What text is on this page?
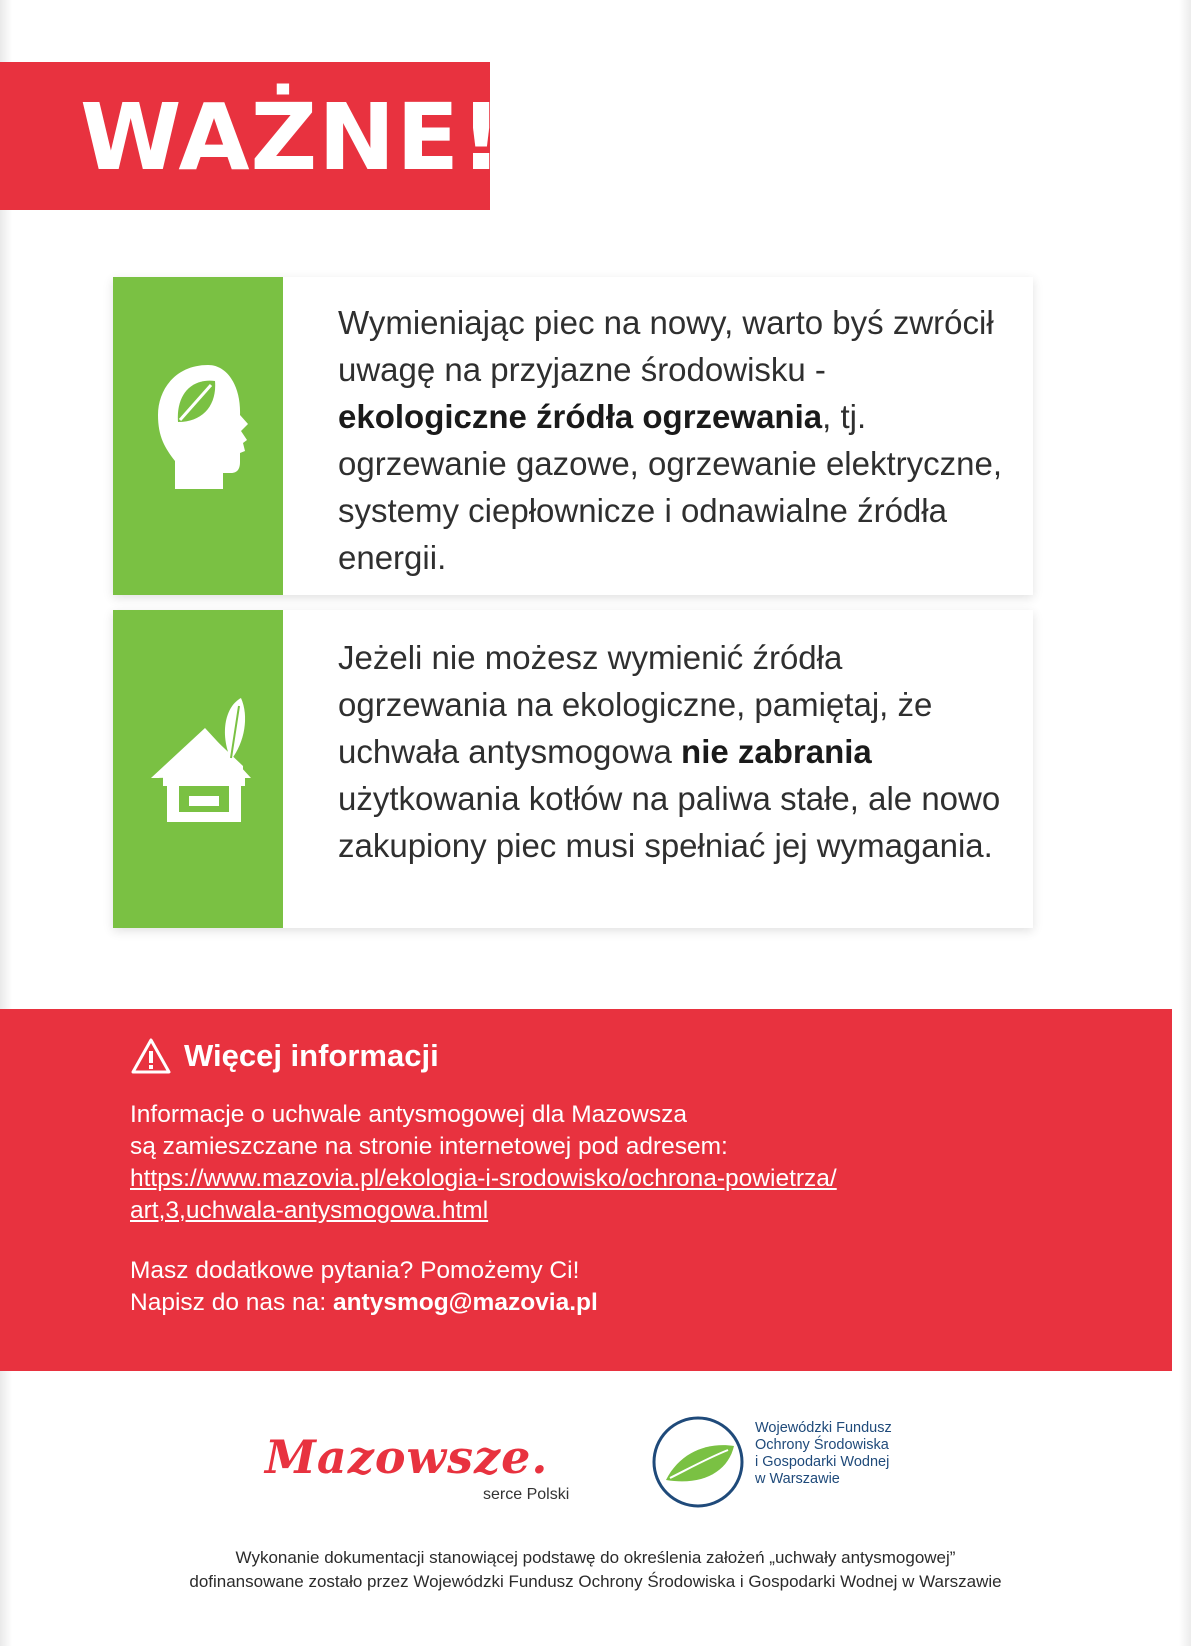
WAŻNE!

Wymieniając piec na nowy, warto byś zwrócił uwagę na przyjazne środowisku - ekologiczne źródła ogrzewania, tj. ogrzewanie gazowe, ogrzewanie elektryczne, systemy ciepłownicze i odnawialne źródła energii.

Jeżeli nie możesz wymienić źródła ogrzewania na ekologiczne, pamiętaj, że uchwała antysmogowa nie zabrania użytkowania kotłów na paliwa stałe, ale nowo zakupiony piec musi spełniać jej wymagania.

Więcej informacji

Informacje o uchwale antysmogowej dla Mazowsza

są zamieszczane na stronie internetowej pod adresem:

https://www.mazovia.pl/ekologia-i-srodowisko/ochrona-powietrza/
art,3,uchwala-antysmogowa.html

Masz dodatkowe pytania? Pomożemy Ci!

Napisz do nas na: antysmog@mazovia.pl

Mazowsze.
serce Polski
Wojewódzki Fundusz
Ochrony Środowiska
i Gospodarki Wodnej
w Warszawie
Wykonanie dokumentacji stanowiącej podstawę do określenia założeń „uchwały antysmogowej”
dofinansowane zostało przez Wojewódzki Fundusz Ochrony Środowiska i Gospodarki Wodnej w Warszawie
